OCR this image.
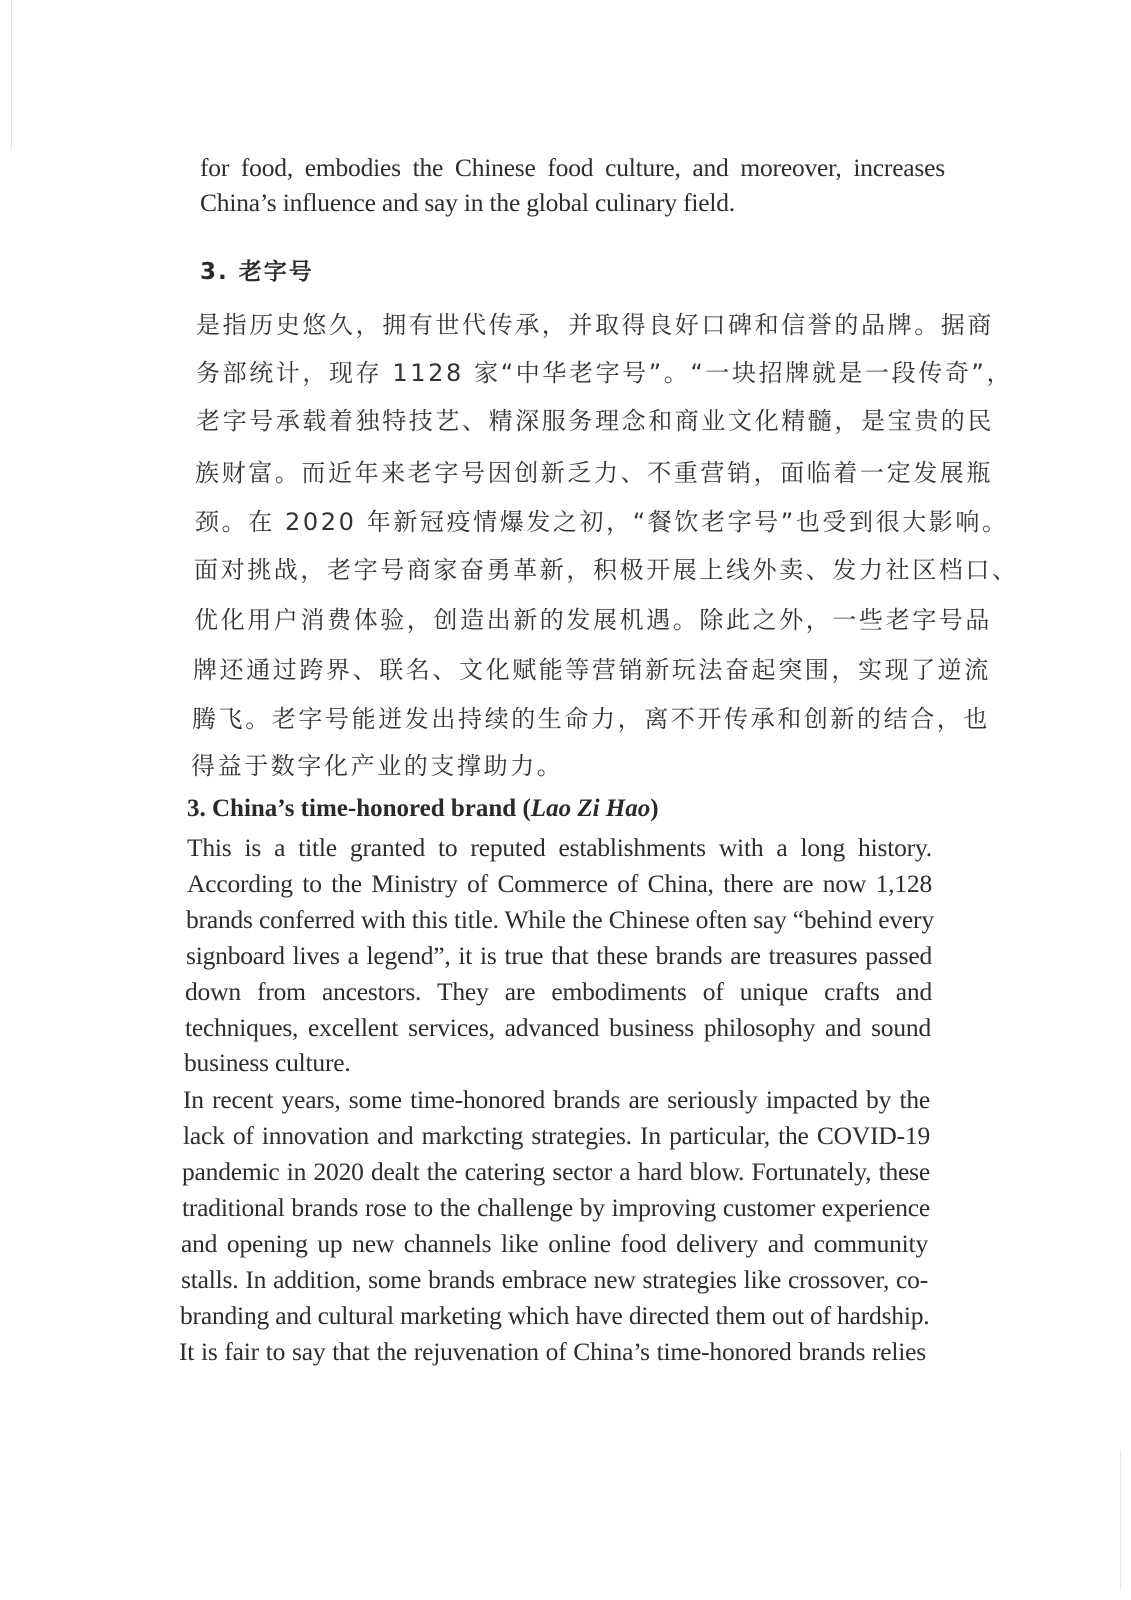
for food, embodies the Chinese food culture, and moreover, increases

China’s influence and say in the global culinary field.

3. 老字号

是指历史悠久，拥有世代传承，并取得良好口碑和信誉的品牌。据商

务部统计，现存 1128 家“中华老字号”。“一块招牌就是一段传奇”，

老字号承载着独特技艺、精深服务理念和商业文化精髓，是宝贵的民

族财富。而近年来老字号因创新乏力、不重营销，面临着一定发展瓶

颈。在 2020 年新冠疫情爆发之初，“餐饮老字号”也受到很大影响。

面对挑战，老字号商家奋勇革新，积极开展上线外卖、发力社区档口、

优化用户消费体验，创造出新的发展机遇。除此之外，一些老字号品

牌还通过跨界、联名、文化赋能等营销新玩法奋起突围，实现了逆流

腾飞。老字号能迸发出持续的生命力，离不开传承和创新的结合，也

得益于数字化产业的支撑助力。

3. China’s time-honored brand (Lao Zi Hao)

This is a title granted to reputed establishments with a long history.

According to the Ministry of Commerce of China, there are now 1,128

brands conferred with this title. While the Chinese often say “behind every

signboard lives a legend”, it is true that these brands are treasures passed

down from ancestors. They are embodiments of unique crafts and

techniques, excellent services, advanced business philosophy and sound

business culture.

In recent years, some time-honored brands are seriously impacted by the

lack of innovation and markcting strategies. In particular, the COVID-19

pandemic in 2020 dealt the catering sector a hard blow. Fortunately, these

traditional brands rose to the challenge by improving customer experience

and opening up new channels like online food delivery and community

stalls. In addition, some brands embrace new strategies like crossover, co-

branding and cultural marketing which have directed them out of hardship.

It is fair to say that the rejuvenation of China’s time-honored brands relies
